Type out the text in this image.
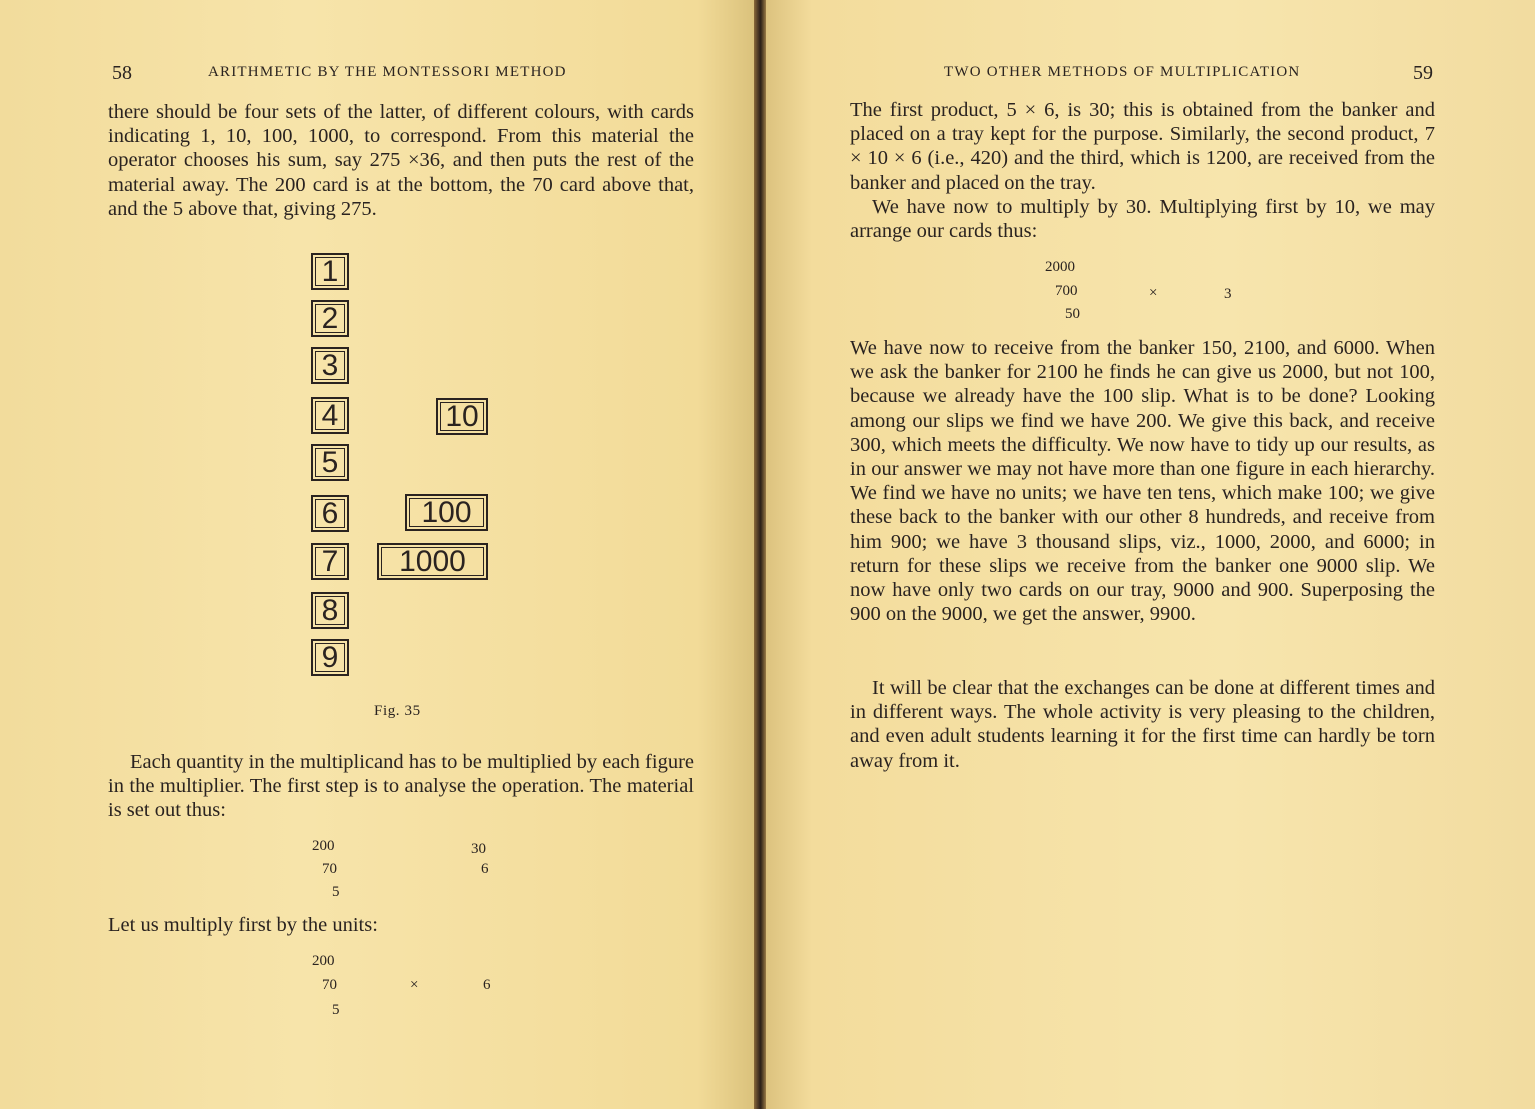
58	ARITHMETIC BY THE MONTESSORI METHOD

there should be four sets of the latter, of different colours, with cards indicating 1, 10, 100, 1000, to correspond. From this material the operator chooses his sum, say 275 ×36, and then puts the rest of the material away. The 200 card is at the bottom, the 70 card above that, and the 5 above that, giving 275.

1
2
3
4
5
6
7
8
9
10
100
1000
Fig. 35

Each quantity in the multiplicand has to be multiplied by each figure in the multiplier. The first step is to analyse the operation. The material is set out thus:

200
70
5
30
6

Let us multiply first by the units:

200
70
5
×	6
TWO OTHER METHODS OF MULTIPLICATION	59

The first product, 5 × 6, is 30; this is obtained from the banker and placed on a tray kept for the purpose. Similarly, the second product, 7 × 10 × 6 (i.e., 420) and the third, which is 1200, are received from the banker and placed on the tray.

We have now to multiply by 30. Multiplying first by 10, we may arrange our cards thus:

2000
700
50
×	3

We have now to receive from the banker 150, 2100, and 6000. When we ask the banker for 2100 he finds he can give us 2000, but not 100, because we already have the 100 slip. What is to be done? Looking among our slips we find we have 200. We give this back, and receive 300, which meets the difficulty. We now have to tidy up our results, as in our answer we may not have more than one figure in each hierarchy. We find we have no units; we have ten tens, which make 100; we give these back to the banker with our other 8 hundreds, and receive from him 900; we have 3 thousand slips, viz., 1000, 2000, and 6000; in return for these slips we receive from the banker one 9000 slip. We now have only two cards on our tray, 9000 and 900. Superposing the 900 on the 9000, we get the answer, 9900.

It will be clear that the exchanges can be done at different times and in different ways. The whole activity is very pleasing to the children, and even adult students learning it for the first time can hardly be torn away from it.
